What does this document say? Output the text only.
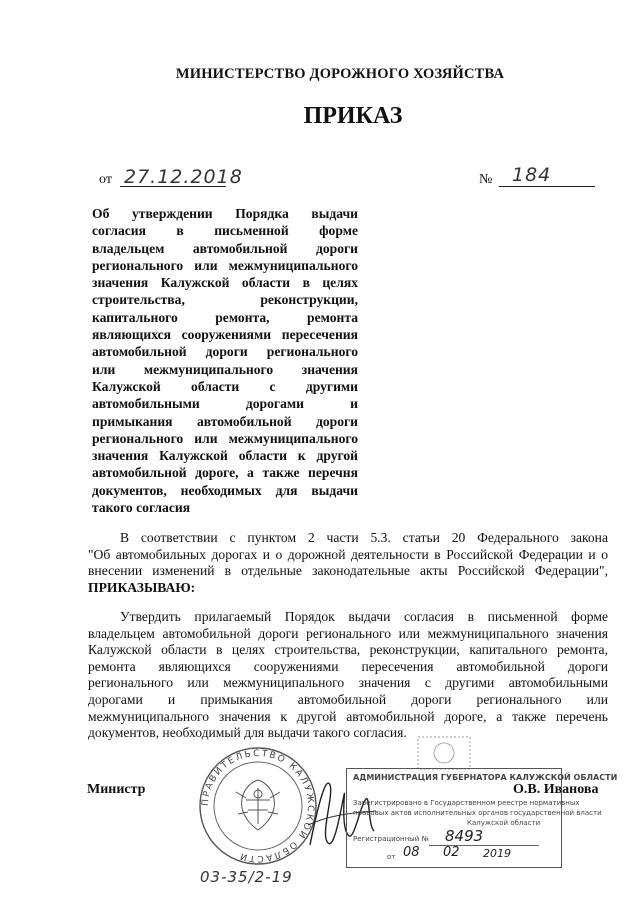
МИНИСТЕРСТВО ДОРОЖНОГО ХОЗЯЙСТВА
ПРИКАЗ
от 27.12.2018	№ 184
Об утверждении Порядка выдачи
согласия в письменной форме
владельцем автомобильной дороги
регионального или межмуниципального
значения Калужской области в целях
строительства, реконструкции,
капитального ремонта, ремонта
являющихся сооружениями пересечения
автомобильной дороги регионального
или межмуниципального значения
Калужской области с другими
автомобильными дорогами и
примыкания автомобильной дороги
регионального или межмуниципального
значения Калужской области к другой
автомобильной дороге, а также перечня
документов, необходимых для выдачи
такого согласия
В соответствии с пунктом 2 части 5.3. статьи 20 Федерального закона
"Об автомобильных дорогах и о дорожной деятельности в Российской Федерации и о
внесении изменений в отдельные законодательные акты Российской Федерации",
ПРИКАЗЫВАЮ:
Утвердить прилагаемый Порядок выдачи согласия в письменной форме
владельцем автомобильной дороги регионального или межмуниципального значения
Калужской области в целях строительства, реконструкции, капитального ремонта,
ремонта являющихся сооружениями пересечения автомобильной дороги
регионального или межмуниципального значения с другими автомобильными
дорогами и примыкания автомобильной дороги регионального или
межмуниципального значения к другой автомобильной дороге, а также перечень
документов, необходимый для выдачи такого согласия.
ПРАВИТЕЛЬСТВО КАЛУЖСКОЙ ОБЛАСТИ
Министр	О.В. Иванова
АДМИНИСТРАЦИЯ ГУБЕРНАТОРА КАЛУЖСКОЙ ОБЛАСТИ
Зарегистрировано в Государственном реестре нормативных
правовых актов исполнительных органов государственной власти
Калужской области
Регистрационный № 8493
от 08 02 2019
03-35/2-19
